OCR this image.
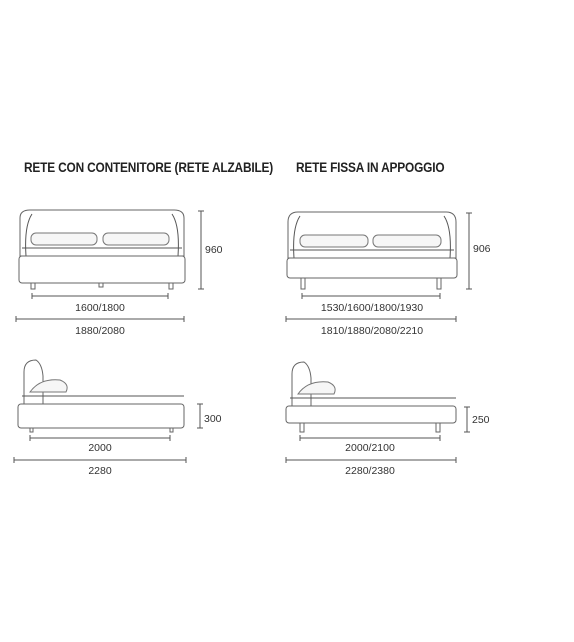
RETE CON CONTENITORE (RETE ALZABILE) RETE FISSA IN APPOGGIO
960
1600/1800
1880/2080
300
2000
2280
906
1530/1600/1800/1930
1810/1880/2080/2210
250
2000/2100
2280/2380
